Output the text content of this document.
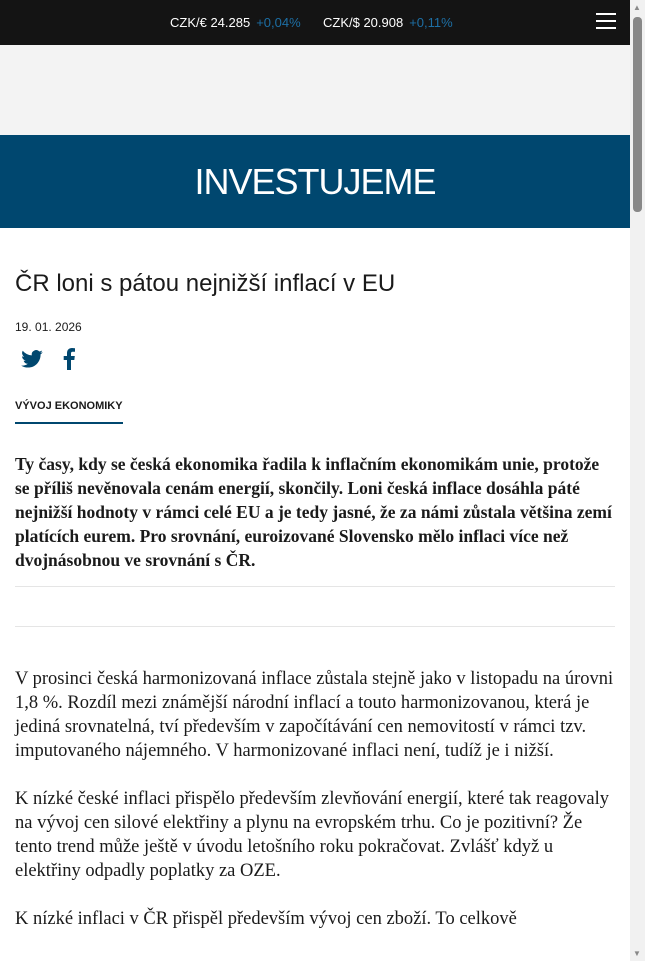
CZK/€ 24.285 +0,04% CZK/$ 20.908 +0,11%
INVESTUJEME
ČR loni s pátou nejnižší inflací v EU
19. 01. 2026
VÝVOJ EKONOMIKY

Ty časy, kdy se česká ekonomika řadila k inflačním ekonomikám unie, protože se příliš nevěnovala cenám energií, skončily. Loni česká inflace dosáhla páté nejnižší hodnoty v rámci celé EU a je tedy jasné, že za námi zůstala většina zemí platících eurem. Pro srovnání, euroizované Slovensko mělo inflaci více než dvojnásobnou ve srovnání s ČR.

V prosinci česká harmonizovaná inflace zůstala stejně jako v listopadu na úrovni 1,8 %. Rozdíl mezi známější národní inflací a touto harmonizovanou, která je jediná srovnatelná, tví především v započítávání cen nemovitostí v rámci tzv. imputovaného nájemného. V harmonizované inflaci není, tudíž je i nižší.

K nízké české inflaci přispělo především zlevňování energií, které tak reagovaly na vývoj cen silové elektřiny a plynu na evropském trhu. Co je pozitivní? Že tento trend může ještě v úvodu letošního roku pokračovat. Zvlášť když u elektřiny odpadly poplatky za OZE.

K nízké inflaci v ČR přispěl především vývoj cen zboží. To celkově

▲
▼
